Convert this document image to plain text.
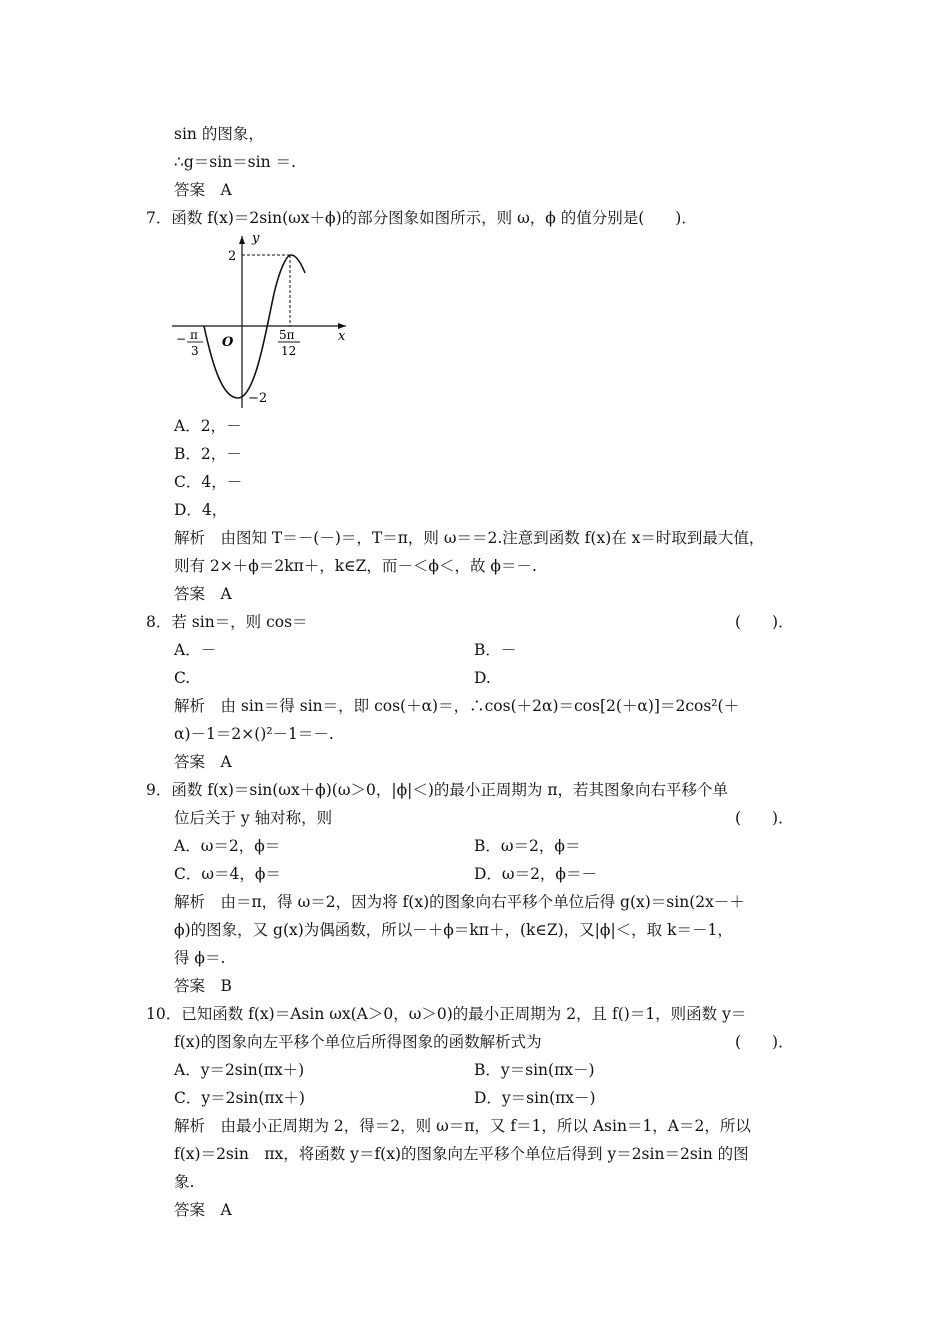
sin 的图象，
∴g＝sin＝sin ＝.
答案　A
7．函数 f(x)＝2sin(ωx＋ϕ)的部分图象如图所示，则 ω，ϕ 的值分别是(　　)．
y
x
2
−2
O
− π
3
5π
12
A．2，－
B．2，－
C．4，－
D．4，
解析　由图知 T＝－(－)＝，T＝π，则 ω＝＝2.注意到函数 f(x)在 x＝时取到最大值，
则有 2×＋ϕ＝2kπ＋，k∈Z，而－＜ϕ＜，故 ϕ＝－.
答案　A
8．若 sin＝，则 cos＝	(　　)．
A．－	B．－
C.	D.
解析　由 sin＝得 sin＝，即 cos(＋α)＝，∴cos(＋2α)＝cos[2(＋α)]＝2cos²(＋
α)－1＝2×()²－1＝－.
答案　A
9．函数 f(x)＝sin(ωx＋ϕ)(ω＞0，|ϕ|＜)的最小正周期为 π，若其图象向右平移个单
位后关于 y 轴对称，则	(　　)．
A．ω＝2，ϕ＝	B．ω＝2，ϕ＝
C．ω＝4，ϕ＝	D．ω＝2，ϕ＝－
解析　由＝π，得 ω＝2，因为将 f(x)的图象向右平移个单位后得 g(x)＝sin(2x－＋
ϕ)的图象，又 g(x)为偶函数，所以－＋ϕ＝kπ＋，(k∈Z)，又|ϕ|＜，取 k＝－1，
得 ϕ＝.
答案　B
10．已知函数 f(x)＝Asin ωx(A＞0，ω＞0)的最小正周期为 2，且 f()＝1，则函数 y＝
f(x)的图象向左平移个单位后所得图象的函数解析式为	(　　)．
A．y＝2sin(πx＋)	B．y＝sin(πx－)
C．y＝2sin(πx＋)	D．y＝sin(πx－)
解析　由最小正周期为 2，得＝2，则 ω＝π，又 f＝1，所以 Asin＝1，A＝2，所以
f(x)＝2sin　πx，将函数 y＝f(x)的图象向左平移个单位后得到 y＝2sin＝2sin 的图
象.
答案　A
